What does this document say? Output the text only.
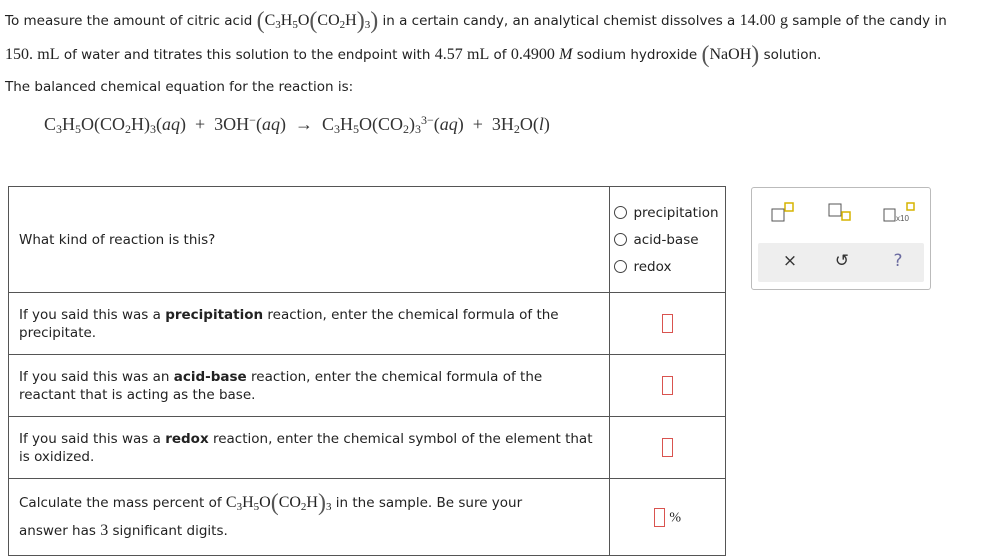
To measure the amount of citric acid $(C_3H_5O(CO_2H)_3)$ in a certain candy, an analytical chemist dissolves a 14.00 g sample of the candy in
150. mL of water and titrates this solution to the endpoint with 4.57 mL of 0.4900 M sodium hydroxide (NaOH) solution.
The balanced chemical equation for the reaction is:
$C_3H_5O(CO_2H)_3(aq) + 3OH^-(aq) \to C_3H_5O(CO_2)_3^{3-}(aq) + 3H_2O(l)$
What kind of reaction is this?	precipitation
acid-base
redox

If you said this was a precipitation reaction, enter the chemical formula of the precipitate.	
If you said this was an acid-base reaction, enter the chemical formula of the reactant that is acting as the base.	
If you said this was a redox reaction, enter the chemical symbol of the element that is oxidized.	
Calculate the mass percent of $C_3H_5O(CO_2H)_3$ in the sample. Be sure your
answer has 3 significant digits.	%
x10
× ↺	?
